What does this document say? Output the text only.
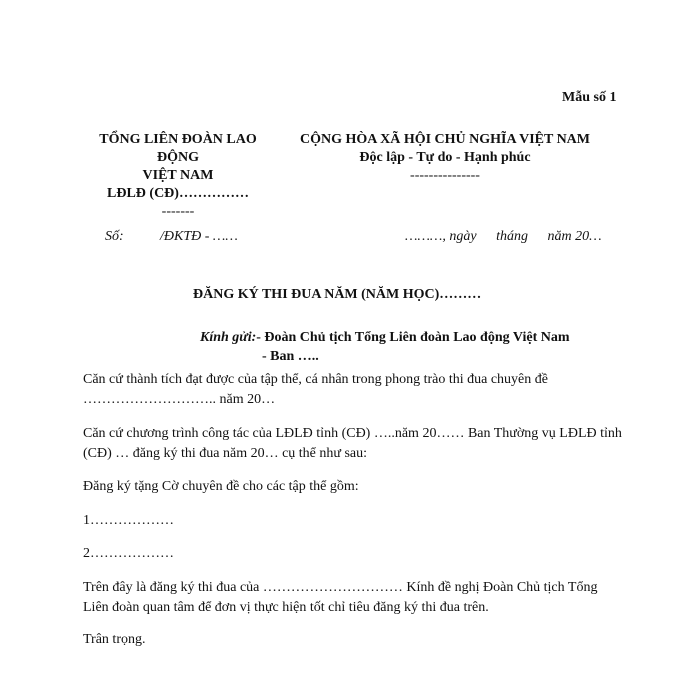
Mẫu số 1
TỔNG LIÊN ĐOÀN LAO
ĐỘNG
VIỆT NAM
LĐLĐ (CĐ)……………
-------
CỘNG HÒA XÃ HỘI CHỦ NGHĨA VIỆT NAM
Độc lập - Tự do - Hạnh phúc
---------------
Số:	/ĐKTĐ - ……	………, ngày tháng năm 20…
ĐĂNG KÝ THI ĐUA NĂM (NĂM HỌC)………
Kính gửi:- Đoàn Chủ tịch Tổng Liên đoàn Lao động Việt Nam
- Ban …..
Căn cứ thành tích đạt được của tập thể, cá nhân trong phong trào thi đua chuyên đề ……………………….. năm 20…
Căn cứ chương trình công tác của LĐLĐ tỉnh (CĐ) …..năm 20…… Ban Thường vụ LĐLĐ tỉnh (CĐ) … đăng ký thi đua năm 20… cụ thể như sau:
Đăng ký tặng Cờ chuyên đề cho các tập thể gồm:
1………………
2………………
Trên đây là đăng ký thi đua của ………………………… Kính đề nghị Đoàn Chủ tịch Tổng Liên đoàn quan tâm để đơn vị thực hiện tốt chỉ tiêu đăng ký thi đua trên.
Trân trọng.
